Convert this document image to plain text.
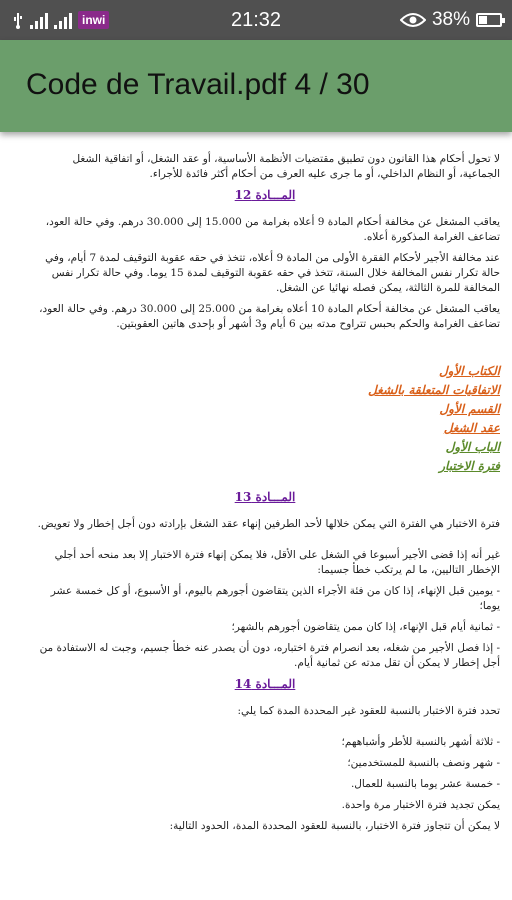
inwi	21:32	38%
Code de Travail.pdf 4 / 30

لا تحول أحكام هذا القانون دون تطبيق مقتضيات الأنظمة الأساسية، أو عقد الشغل، أو اتفاقية الشغل الجماعية، أو النظام الداخلي، أو ما جرى عليه العرف من أحكام أكثر فائدة للأجراء.

المـــادة 12

يعاقب المشغل عن مخالفة أحكام المادة 9 أعلاه بغرامة من 15.000 إلى 30.000 درهم. وفي حالة العود، تضاعف الغرامة المذكورة أعلاه.

عند مخالفة الأجير لأحكام الفقرة الأولى من المادة 9 أعلاه، تتخذ في حقه عقوبة التوقيف لمدة 7 أيام، وفي حالة تكرار نفس المخالفة خلال السنة، تتخذ في حقه عقوبة التوقيف لمدة 15 يوما. وفي حالة تكرار نفس المخالفة للمرة الثالثة، يمكن فصله نهائيا عن الشغل.

يعاقب المشغل عن مخالفة أحكام المادة 10 أعلاه بغرامة من 25.000 إلى 30.000 درهم. وفي حالة العود، تضاعف الغرامة والحكم بحبس تتراوح مدته بين 6 أيام و3 أشهر أو بإحدى هاتين العقوبتين.

الكتاب الأول
الاتفاقيات المتعلقة بالشغل
القسم الأول
عقد الشغل
الباب الأول
فترة الاختبار
المـــادة 13

فترة الاختبار هي الفترة التي يمكن خلالها لأحد الطرفين إنهاء عقد الشغل بإرادته دون أجل إخطار ولا تعويض.

غير أنه إذا قضى الأجير أسبوعا في الشغل على الأقل، فلا يمكن إنهاء فترة الاختبار إلا بعد منحه أحد أجلي الإخطار التاليين، ما لم يرتكب خطأ جسيما:

- يومين قبل الإنهاء، إذا كان من فئة الأجراء الذين يتقاضون أجورهم باليوم، أو الأسبوع، أو كل خمسة عشر يوما؛

- ثمانية أيام قبل الإنهاء، إذا كان ممن يتقاضون أجورهم بالشهر؛

- إذا فصل الأجير من شغله، بعد انصرام فترة اختباره، دون أن يصدر عنه خطأ جسيم، وجبت له الاستفادة من أجل إخطار لا يمكن أن تقل مدته عن ثمانية أيام.

المـــادة 14

تحدد فترة الاختبار بالنسبة للعقود غير المحددة المدة كما يلي:

- ثلاثة أشهر بالنسبة للأطر وأشباههم؛

- شهر ونصف بالنسبة للمستخدمين؛

- خمسة عشر يوما بالنسبة للعمال.

يمكن تجديد فترة الاختبار مرة واحدة.

لا يمكن أن تتجاوز فترة الاختبار، بالنسبة للعقود المحددة المدة، الحدود التالية:
